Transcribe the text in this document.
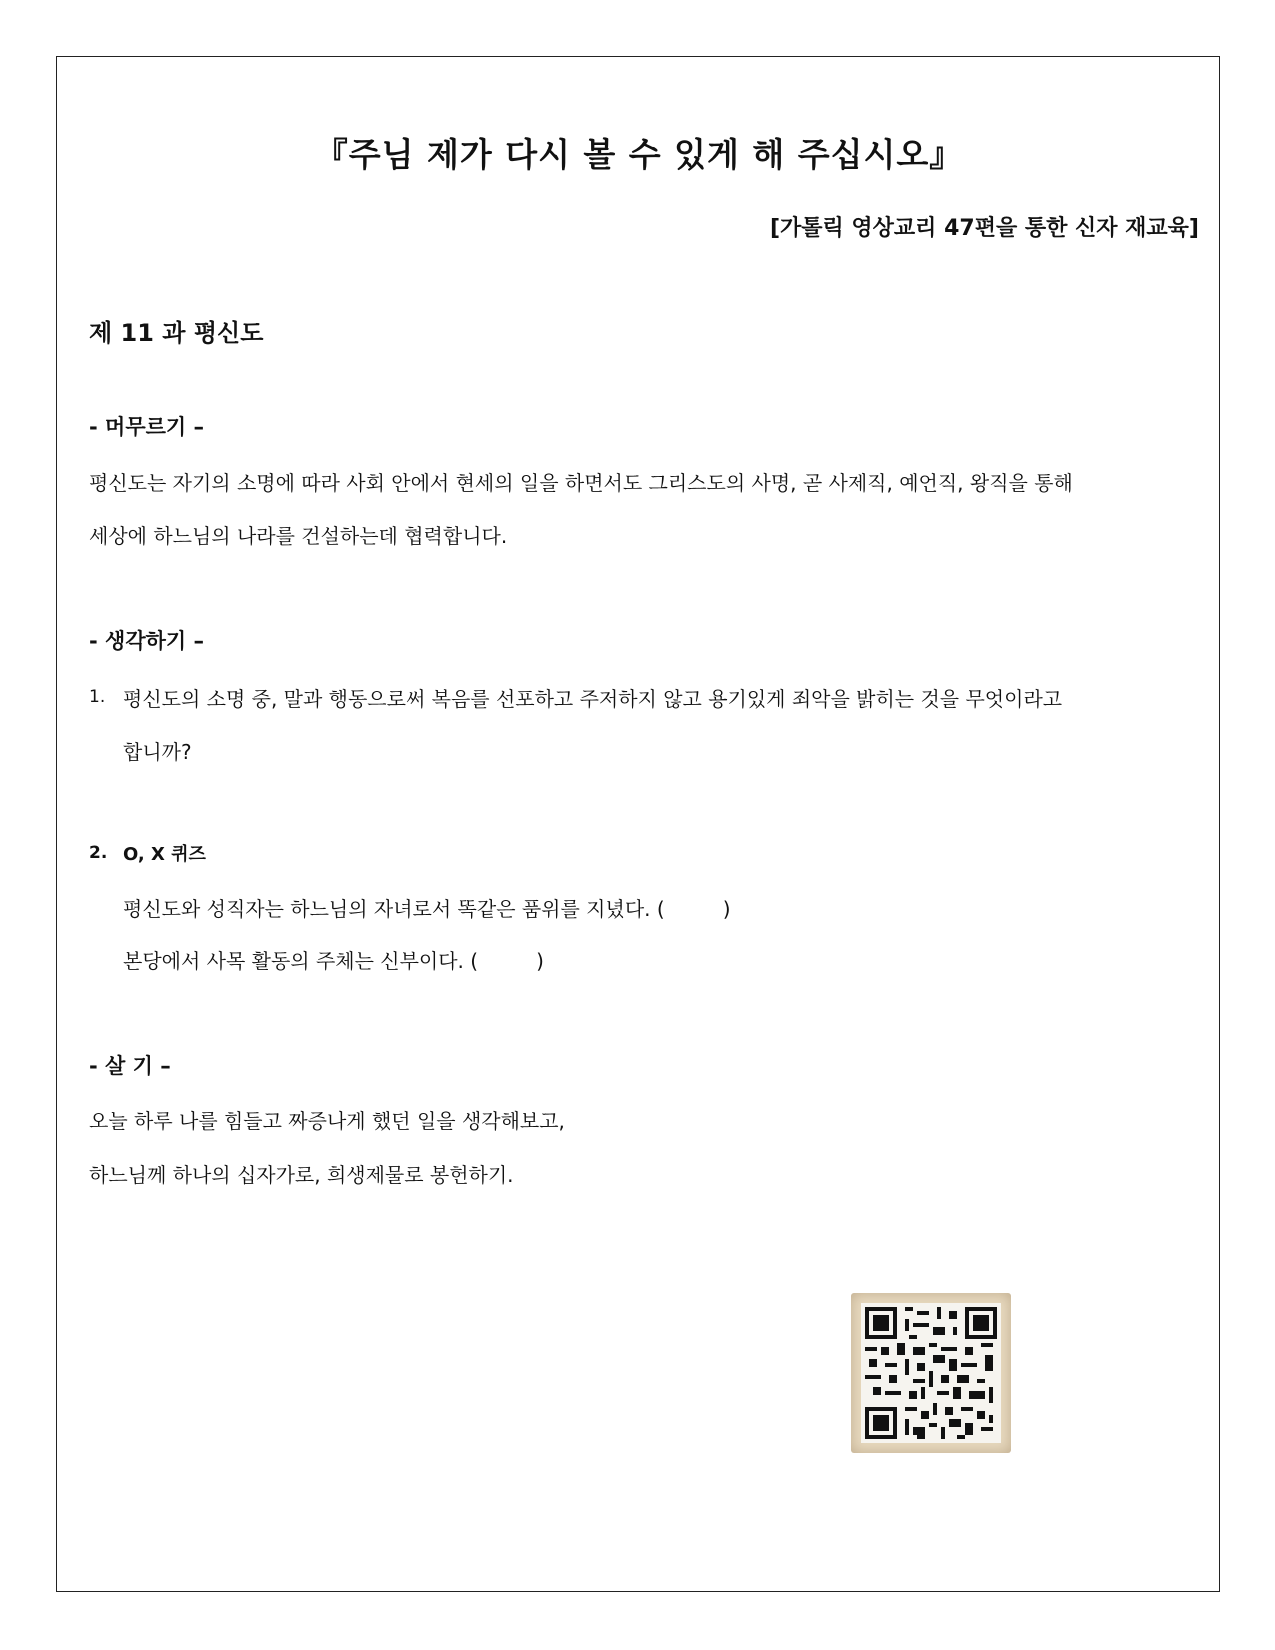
『주님 제가 다시 볼 수 있게 해 주십시오』
[가톨릭 영상교리 47편을 통한 신자 재교육]
제 11 과 평신도
- 머무르기 –
평신도는 자기의 소명에 따라 사회 안에서 현세의 일을 하면서도 그리스도의 사명, 곧 사제직, 예언직, 왕직을 통해
세상에 하느님의 나라를 건설하는데 협력합니다.
- 생각하기 –
1. 평신도의 소명 중, 말과 행동으로써 복음를 선포하고 주저하지 않고 용기있게 죄악을 밝히는 것을 무엇이라고
합니까?
2. O, X 퀴즈
평신도와 성직자는 하느님의 자녀로서 똑같은 품위를 지녔다. (	)
본당에서 사목 활동의 주체는 신부이다. (	)
- 살 기 –
오늘 하루 나를 힘들고 짜증나게 했던 일을 생각해보고,
하느님께 하나의 십자가로, 희생제물로 봉헌하기.
